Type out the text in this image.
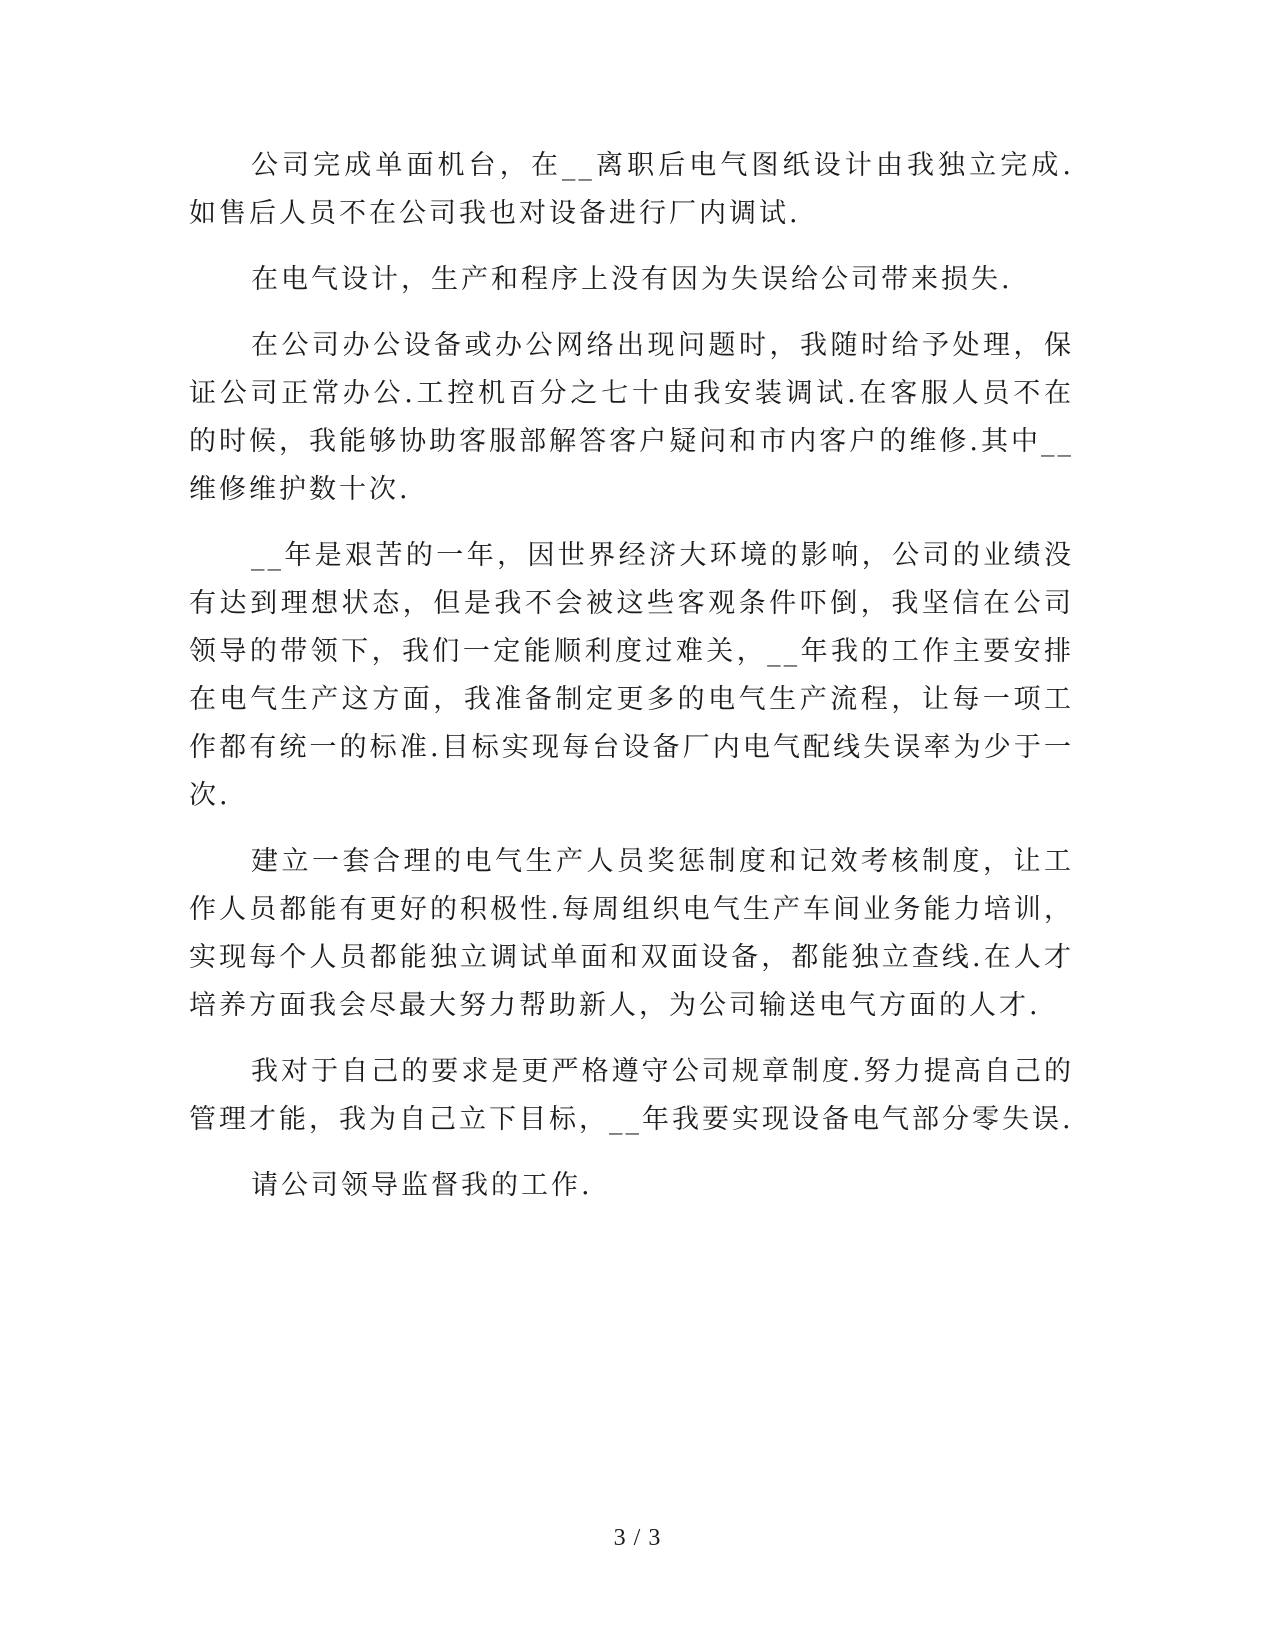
公司完成单面机台，在__离职后电气图纸设计由我独立完成.如售后人员不在公司我也对设备进行厂内调试.

在电气设计，生产和程序上没有因为失误给公司带来损失.

在公司办公设备或办公网络出现问题时，我随时给予处理，保证公司正常办公.工控机百分之七十由我安装调试.在客服人员不在的时候，我能够协助客服部解答客户疑问和市内客户的维修.其中__维修维护数十次.

__年是艰苦的一年，因世界经济大环境的影响，公司的业绩没有达到理想状态，但是我不会被这些客观条件吓倒，我坚信在公司领导的带领下，我们一定能顺利度过难关，__年我的工作主要安排在电气生产这方面，我准备制定更多的电气生产流程，让每一项工作都有统一的标准.目标实现每台设备厂内电气配线失误率为少于一次.

建立一套合理的电气生产人员奖惩制度和记效考核制度，让工作人员都能有更好的积极性.每周组织电气生产车间业务能力培训，实现每个人员都能独立调试单面和双面设备，都能独立查线.在人才培养方面我会尽最大努力帮助新人，为公司输送电气方面的人才.

我对于自己的要求是更严格遵守公司规章制度.努力提高自己的管理才能，我为自己立下目标，__年我要实现设备电气部分零失误.

请公司领导监督我的工作.

3 / 3
